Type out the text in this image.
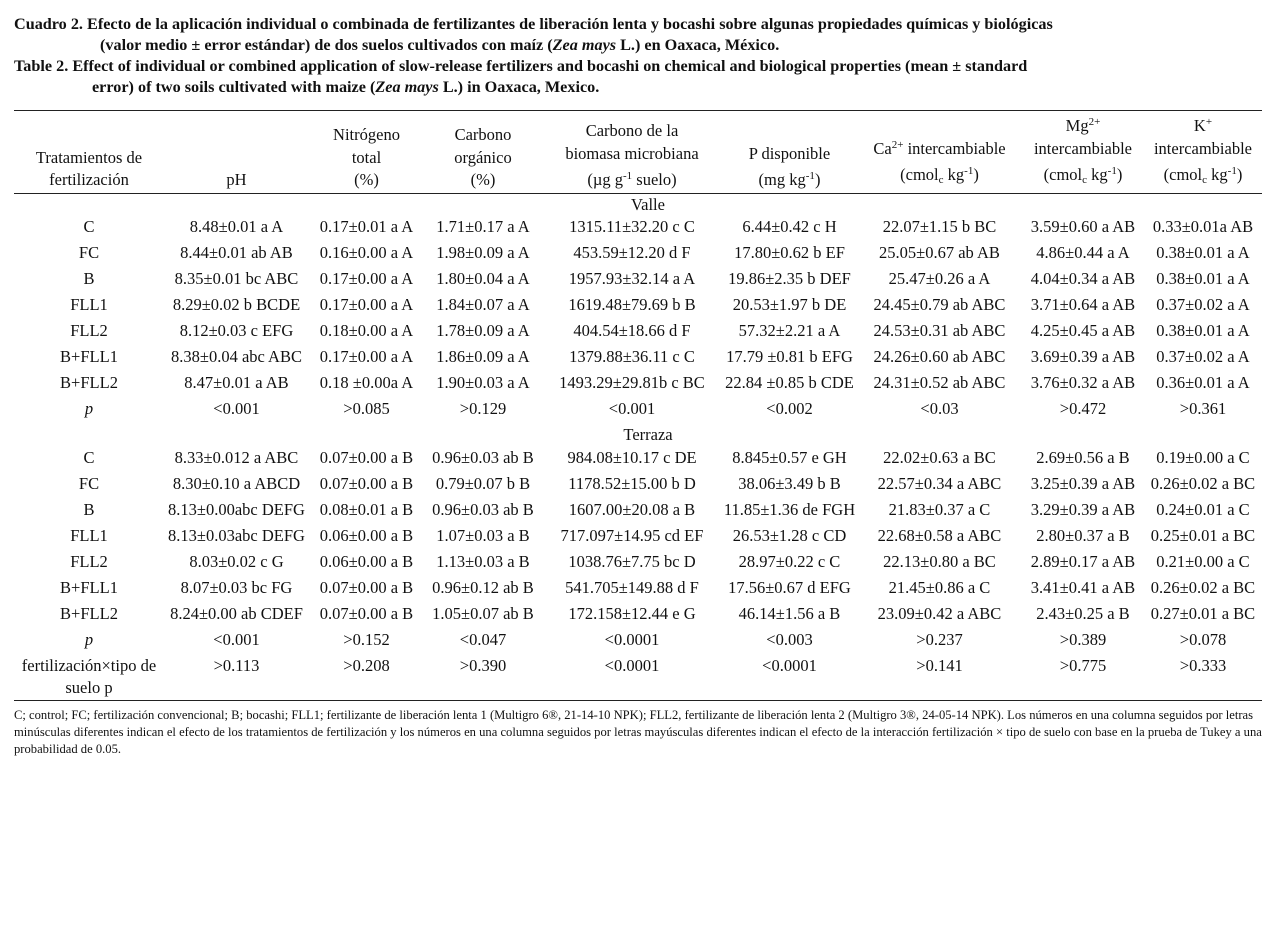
Cuadro 2.
Efecto de la aplicación individual o combinada de fertilizantes de liberación lenta y bocashi sobre algunas propiedades químicas y biológicas
(valor medio ± error estándar) de dos suelos cultivados con maíz (Zea mays L.) en Oaxaca, México.
Table 2.
Effect of individual or combined application of slow-release fertilizers and bocashi on chemical and biological properties (mean ± standard
error) of two soils cultivated with maize (Zea mays L.) in Oaxaca, Mexico.
Tratamientos de fertilización	pH	Nitrógeno
total
(%)	Carbono
orgánico
(%)	Carbono de la
biomasa microbiana
(µg $g^{-1}$ suelo)	P disponible
(mg $kg^{-1}$)	$Ca^{2+}$ intercambiable
(cmol$_c$ $kg^{-1}$)	$Mg^{2+}$
intercambiable
(cmol$_c$ $kg^{-1}$)	K+
intercambiable
(cmol$_c$ $kg^{-1}$)
Valle								
C	8.48±0.01 a A	0.17±0.01 a A	1.71±0.17 a A	1315.11±32.20 c C	6.44±0.42 c H	22.07±1.15 b BC	3.59±0.60 a AB	0.33±0.01a AB
FC	8.44±0.01 ab AB	0.16±0.00 a A	1.98±0.09 a A	453.59±12.20 d F	17.80±0.62 b EF	25.05±0.67 ab AB	4.86±0.44 a A	0.38±0.01 a A
B	8.35±0.01 bc ABC	0.17±0.00 a A	1.80±0.04 a A	1957.93±32.14 a A	19.86±2.35 b DEF	25.47±0.26 a A	4.04±0.34 a AB	0.38±0.01 a A
FLL1	8.29±0.02 b BCDE	0.17±0.00 a A	1.84±0.07 a A	1619.48±79.69 b B	20.53±1.97 b DE	24.45±0.79 ab ABC	3.71±0.64 a AB	0.37±0.02 a A
FLL2	8.12±0.03 c EFG	0.18±0.00 a A	1.78±0.09 a A	404.54±18.66 d F	57.32±2.21 a A	24.53±0.31 ab ABC	4.25±0.45 a AB	0.38±0.01 a A
B+FLL1	8.38±0.04 abc ABC	0.17±0.00 a A	1.86±0.09 a A	1379.88±36.11 c C	17.79 ±0.81 b EFG	24.26±0.60 ab ABC	3.69±0.39 a AB	0.37±0.02 a A
B+FLL2	8.47±0.01 a AB	0.18 ±0.00a A	1.90±0.03 a A	1493.29±29.81b c BC	22.84 ±0.85 b CDE	24.31±0.52 ab ABC	3.76±0.32 a AB	0.36±0.01 a A
p	<0.001	>0.085	>0.129	<0.001	<0.002	<0.03	>0.472	>0.361
Terraza								
C	8.33±0.012 a ABC	0.07±0.00 a B	0.96±0.03 ab B	984.08±10.17 c DE	8.845±0.57 e GH	22.02±0.63 a BC	2.69±0.56 a B	0.19±0.00 a C
FC	8.30±0.10 a ABCD	0.07±0.00 a B	0.79±0.07 b B	1178.52±15.00 b D	38.06±3.49 b B	22.57±0.34 a ABC	3.25±0.39 a AB	0.26±0.02 a BC
B	8.13±0.00abc DEFG	0.08±0.01 a B	0.96±0.03 ab B	1607.00±20.08 a B	11.85±1.36 de FGH	21.83±0.37 a C	3.29±0.39 a AB	0.24±0.01 a C
FLL1	8.13±0.03abc DEFG	0.06±0.00 a B	1.07±0.03 a B	717.097±14.95 cd EF	26.53±1.28 c CD	22.68±0.58 a ABC	2.80±0.37 a B	0.25±0.01 a BC
FLL2	8.03±0.02 c G	0.06±0.00 a B	1.13±0.03 a B	1038.76±7.75 bc D	28.97±0.22 c C	22.13±0.80 a BC	2.89±0.17 a AB	0.21±0.00 a C
B+FLL1	8.07±0.03 bc FG	0.07±0.00 a B	0.96±0.12 ab B	541.705±149.88 d F	17.56±0.67 d EFG	21.45±0.86 a C	3.41±0.41 a AB	0.26±0.02 a BC
B+FLL2	8.24±0.00 ab CDEF	0.07±0.00 a B	1.05±0.07 ab B	172.158±12.44 e G	46.14±1.56 a B	23.09±0.42 a ABC	2.43±0.25 a B	0.27±0.01 a BC
p	<0.001	>0.152	<0.047	<0.0001	<0.003	>0.237	>0.389	>0.078
fertilización×tipo de suelo p	>0.113	>0.208	>0.390	<0.0001	<0.0001	>0.141	>0.775	>0.333
C; control; FC; fertilización convencional; B; bocashi; FLL1; fertilizante de liberación lenta 1 (Multigro 6®, 21-14-10 NPK); FLL2, fertilizante de liberación lenta 2 (Multigro 3®, 24-05-14 NPK). Los números en una columna seguidos por letras minúsculas diferentes indican el efecto de los tratamientos de fertilización y los números en una columna seguidos por letras mayúsculas diferentes indican el efecto de la interacción fertilización × tipo de suelo con base en la prueba de Tukey a una probabilidad de 0.05.
